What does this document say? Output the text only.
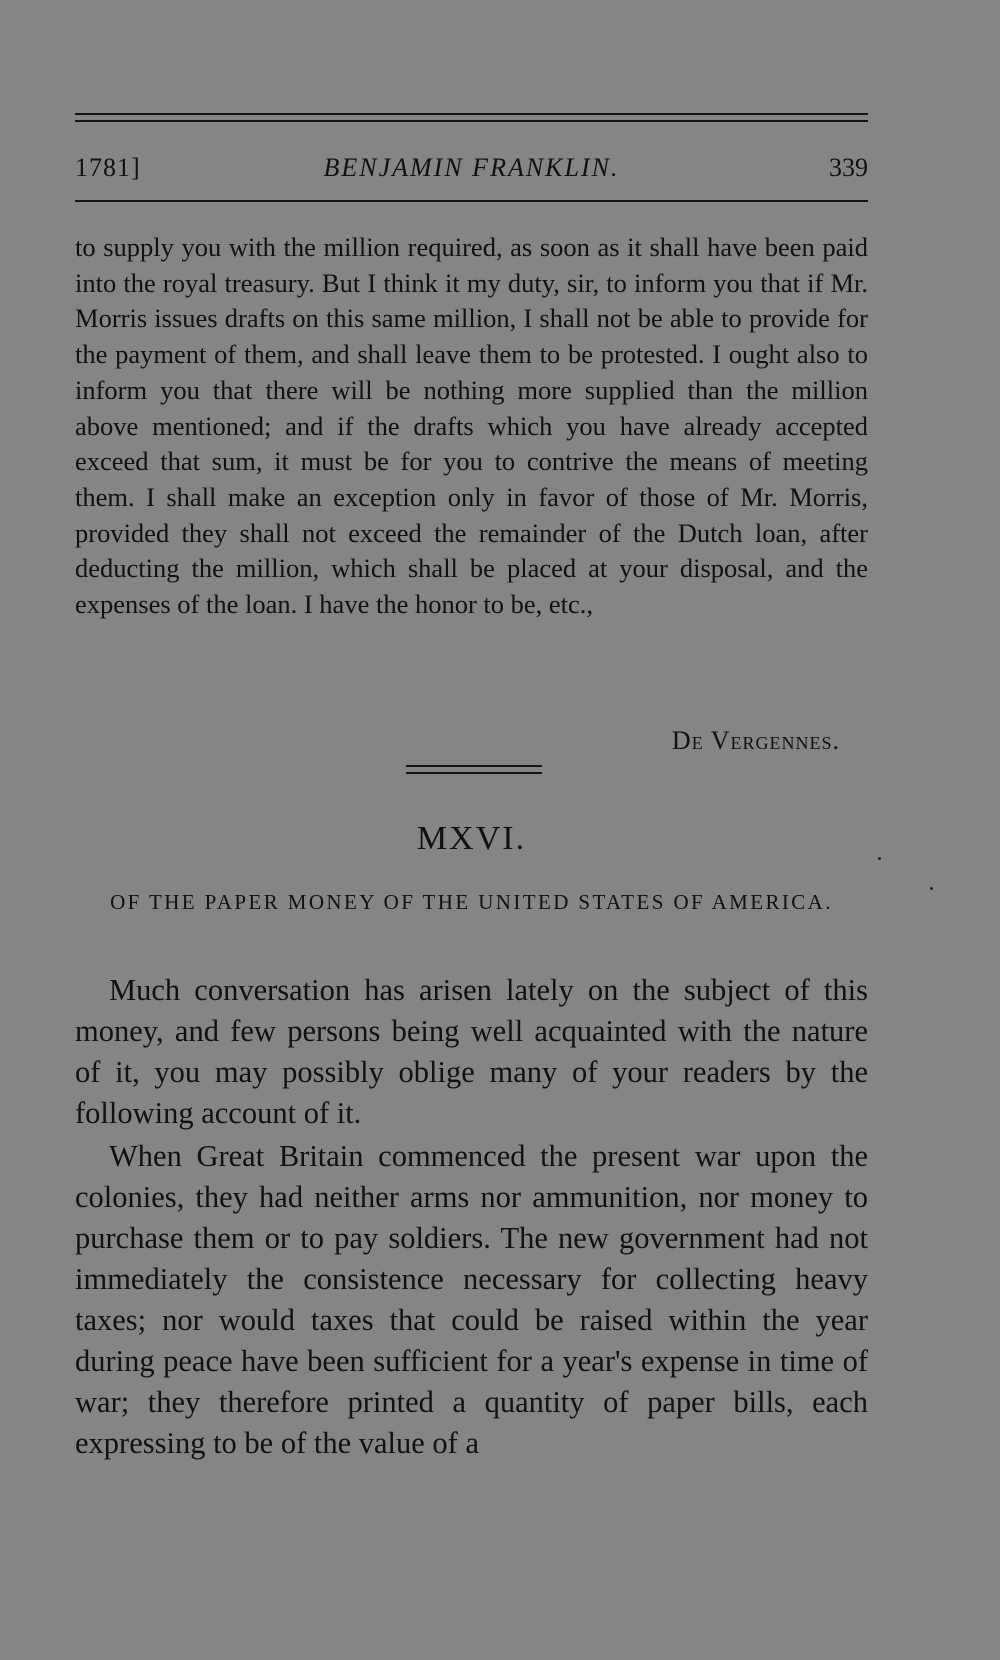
1781]	BENJAMIN FRANKLIN.	339

to supply you with the million required, as soon as it shall have been paid into the royal treasury. But I think it my duty, sir, to inform you that if Mr. Morris issues drafts on this same million, I shall not be able to provide for the payment of them, and shall leave them to be protested. I ought also to inform you that there will be nothing more supplied than the million above mentioned; and if the drafts which you have already accepted exceed that sum, it must be for you to contrive the means of meeting them. I shall make an exception only in favor of those of Mr. Morris, provided they shall not exceed the remainder of the Dutch loan, after deducting the million, which shall be placed at your disposal, and the expenses of the loan. I have the honor to be, etc.,

De Vergennes.
MXVI.

OF THE PAPER MONEY OF THE UNITED STATES OF AMERICA.

Much conversation has arisen lately on the subject of this money, and few persons being well acquainted with the nature of it, you may possibly oblige many of your readers by the following account of it.

When Great Britain commenced the present war upon the colonies, they had neither arms nor ammunition, nor money to purchase them or to pay soldiers. The new government had not immediately the consistence necessary for collecting heavy taxes; nor would taxes that could be raised within the year during peace have been sufficient for a year's expense in time of war; they therefore printed a quantity of paper bills, each expressing to be of the value of a
